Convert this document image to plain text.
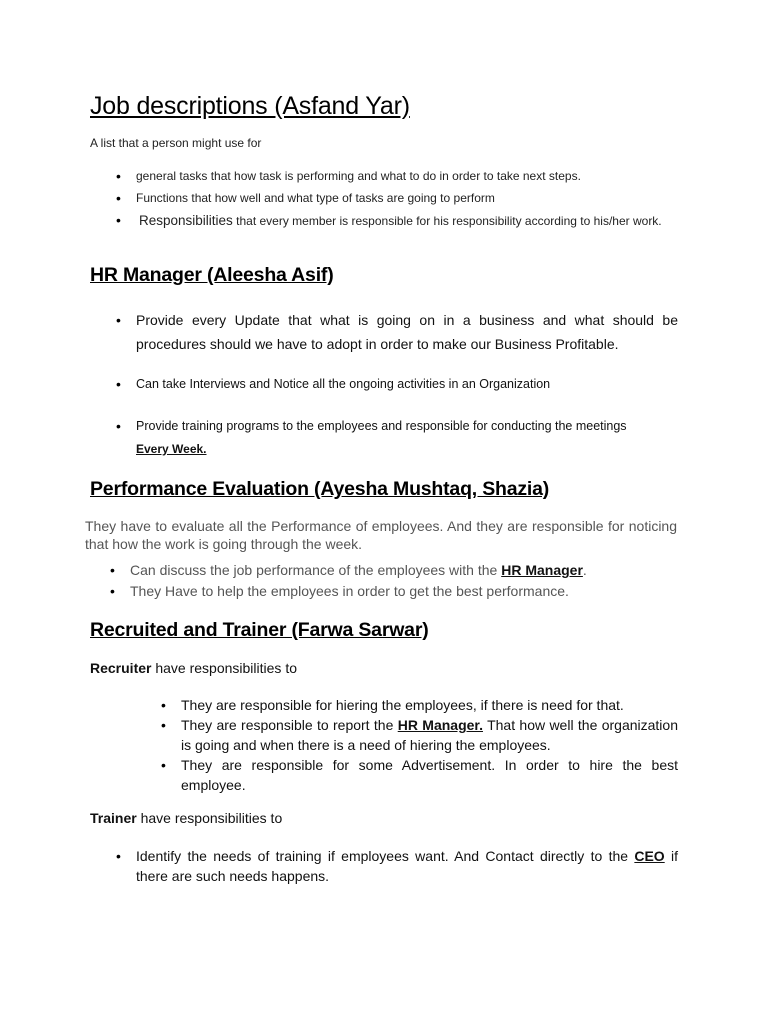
Job descriptions (Asfand Yar)
A list that a person might use for
• general tasks that how task is performing and what to do in order to take next steps.
• Functions that how well and what type of tasks are going to perform
• Responsibilities that every member is responsible for his responsibility according to his/her work.
HR Manager (Aleesha Asif)
• Provide every Update that what is going on in a business and what should be procedures should we have to adopt in order to make our Business Profitable.
• Can take Interviews and Notice all the ongoing activities in an Organization
• Provide training programs to the employees and responsible for conducting the meetings
Every Week.
Performance Evaluation (Ayesha Mushtaq, Shazia)
They have to evaluate all the Performance of employees. And they are responsible for noticing that how the work is going through the week.
• Can discuss the job performance of the employees with the HR Manager.
• They Have to help the employees in order to get the best performance.
Recruited and Trainer (Farwa Sarwar)
Recruiter have responsibilities to
• They are responsible for hiering the employees, if there is need for that.
• They are responsible to report the HR Manager. That how well the organization is going and when there is a need of hiering the employees.
• They are responsible for some Advertisement. In order to hire the best employee.
Trainer have responsibilities to
• Identify the needs of training if employees want. And Contact directly to the CEO if there are such needs happens.
